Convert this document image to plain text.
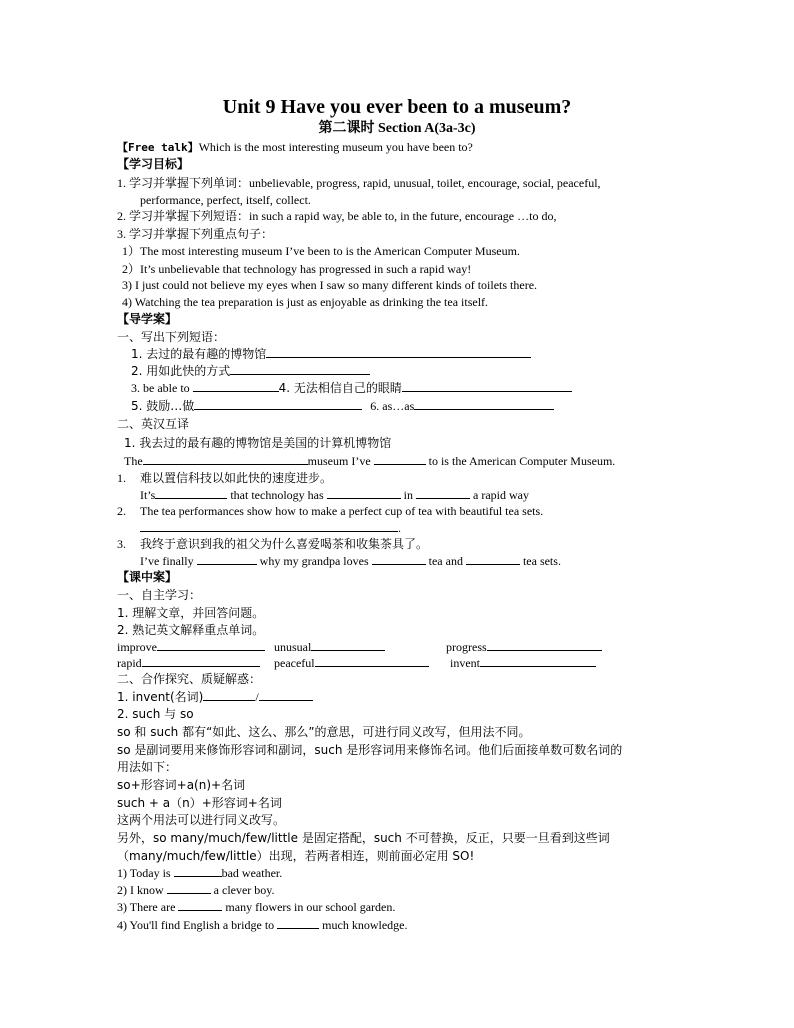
Unit 9 Have you ever been to a museum?
第二课时 Section A(3a-3c)
【Free talk】Which is the most interesting museum you have been to?
【学习目标】
1. 学习并掌握下列单词：unbelievable, progress, rapid, unusual, toilet, encourage, social, peaceful,
performance, perfect, itself, collect.
2. 学习并掌握下列短语：in such a rapid way, be able to, in the future, encourage …to do,
3. 学习并掌握下列重点句子：
1）The most interesting museum I’ve been to is the American Computer Museum.
2）It’s unbelievable that technology has progressed in such a rapid way!
3) I just could not believe my eyes when I saw so many different kinds of toilets there.
4) Watching the tea preparation is just as enjoyable as drinking the tea itself.
【导学案】
一、写出下列短语：
1. 去过的最有趣的博物馆
2. 用如此快的方式
3. be able to	4. 无法相信自己的眼睛
5. 鼓励…做	6. as…as
二、英汉互译
1. 我去过的最有趣的博物馆是美国的计算机博物馆
The	museum I’ve	to is the American Computer Museum.
1. 难以置信科技以如此快的速度进步。
It’s	that technology has	in	a rapid way
2. The tea performances show how to make a perfect cup of tea with beautiful tea sets.
.
3. 我终于意识到我的祖父为什么喜爱喝茶和收集茶具了。
I’ve finally	why my grandpa loves	tea and	tea sets.
【课中案】
一、自主学习：
1. 理解文章，并回答问题。
2. 熟记英文解释重点单词。
improve	unusual	progress
rapid	peaceful	invent
二、合作探究、质疑解惑：
1. invent(名词)	/
2. such 与 so
so 和 such 都有“如此、这么、那么”的意思，可进行同义改写，但用法不同。
so 是副词要用来修饰形容词和副词，such 是形容词用来修饰名词。他们后面接单数可数名词的
用法如下：
so+形容词+a(n)+名词
such + a（n）+形容词+名词
这两个用法可以进行同义改写。
另外，so many/much/few/little 是固定搭配，such 不可替换，反正，只要一旦看到这些词
（many/much/few/little）出现，若两者相连，则前面必定用 SO!
1) Today is	bad weather.
2) I know	a clever boy.
3) There are	many flowers in our school garden.
4) You'll find English a bridge to	much knowledge.
